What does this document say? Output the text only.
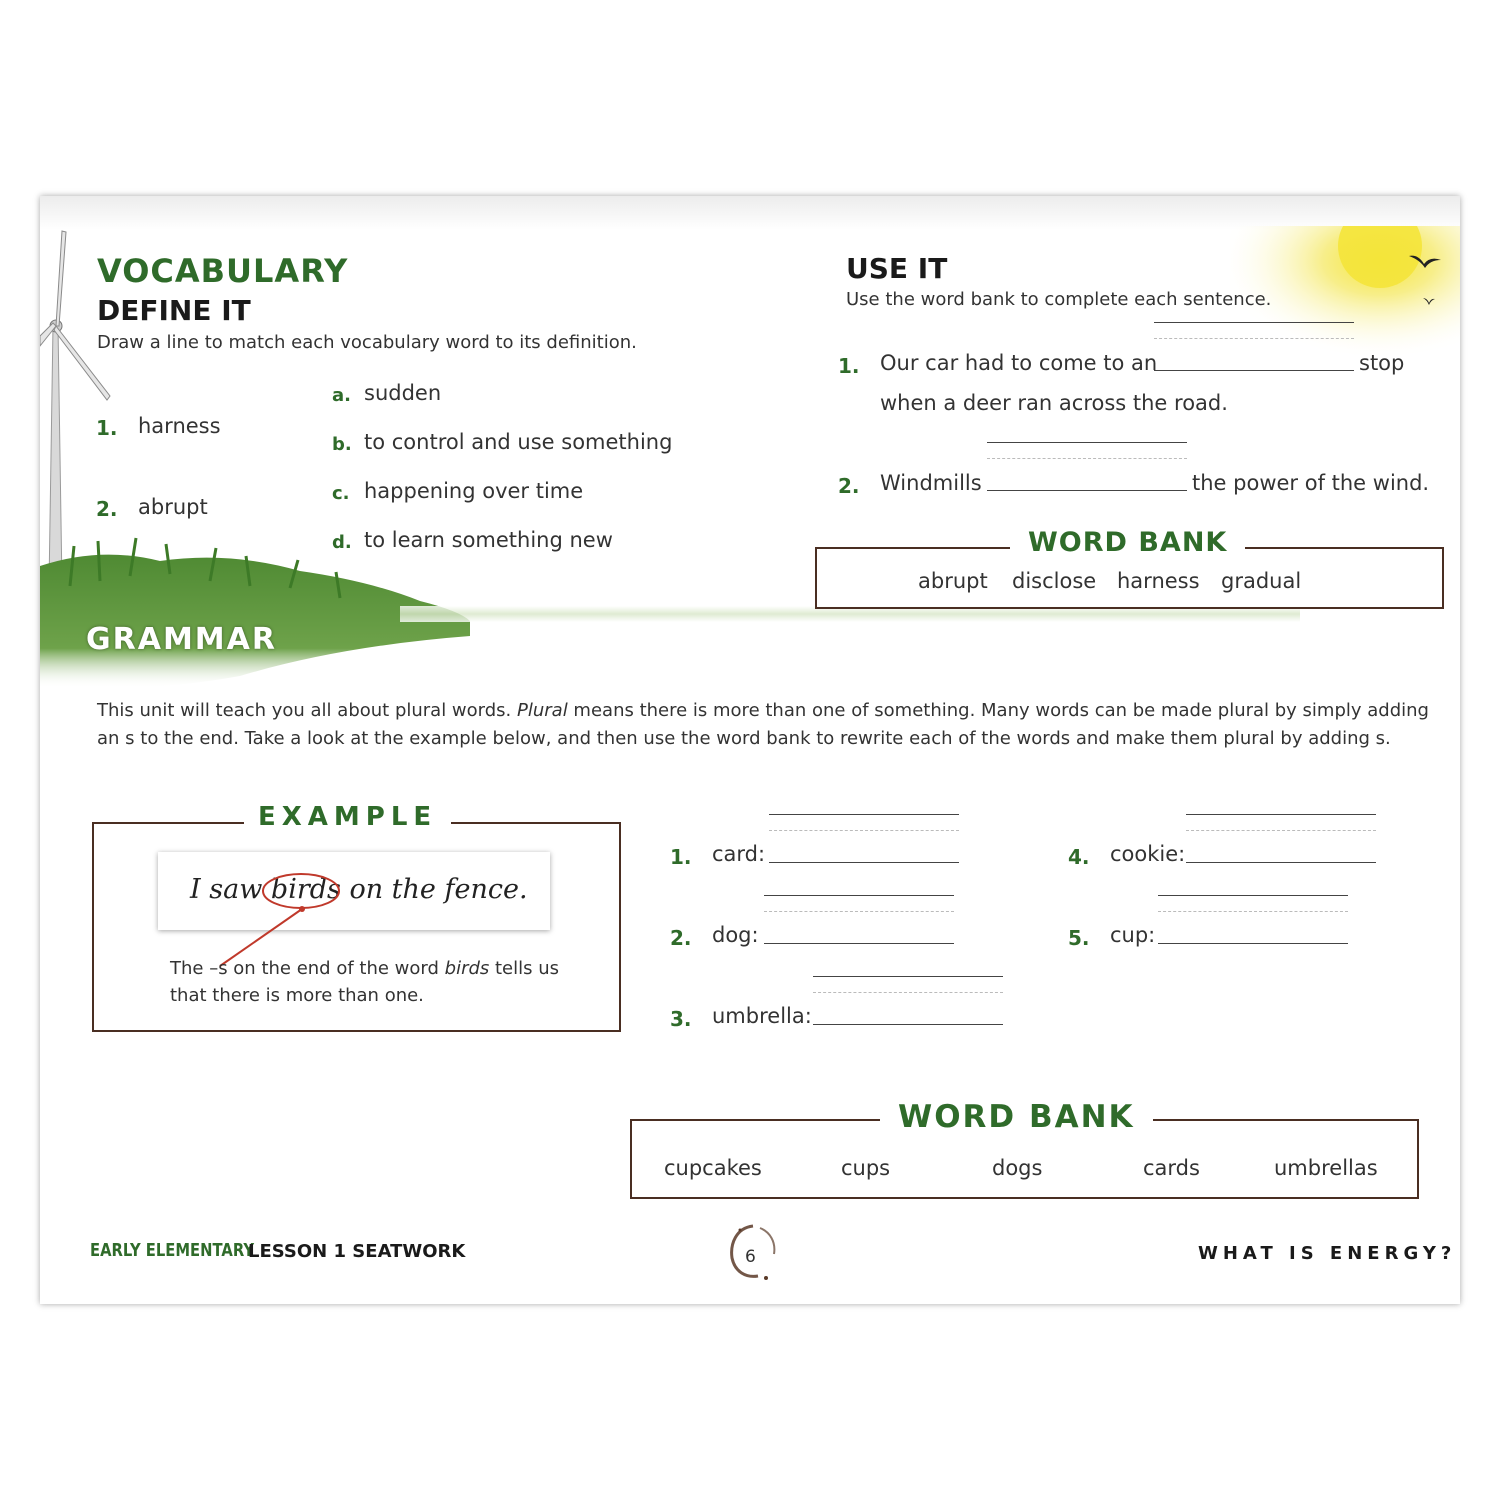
VOCABULARY
DEFINE IT
Draw a line to match each vocabulary word to its definition.
1. harness
2. abrupt
a. sudden
b. to control and use something
c. happening over time
d. to learn something new
USE IT
Use the word bank to complete each sentence.
1. Our car had to come to an	stop
when a deer ran across the road.
2. Windmills	the power of the wind.
WORD BANK
abrupt disclose harness gradual
GRAMMAR
This unit will teach you all about plural words. Plural means there is more than one of something. Many words can be made plural by simply adding
an s to the end. Take a look at the example below, and then use the word bank to rewrite each of the words and make them plural by adding s.
EXAMPLE
I saw birds on the fence.
The –s on the end of the word birds tells us
that there is more than one.
1. card:
2. dog:
3. umbrella:
4. cookie:
5. cup:
WORD BANK
cupcakes	cups	dogs	cards	umbrellas
EARLY ELEMENTARY
LESSON 1 SEATWORK	6	WHAT IS ENERGY?
